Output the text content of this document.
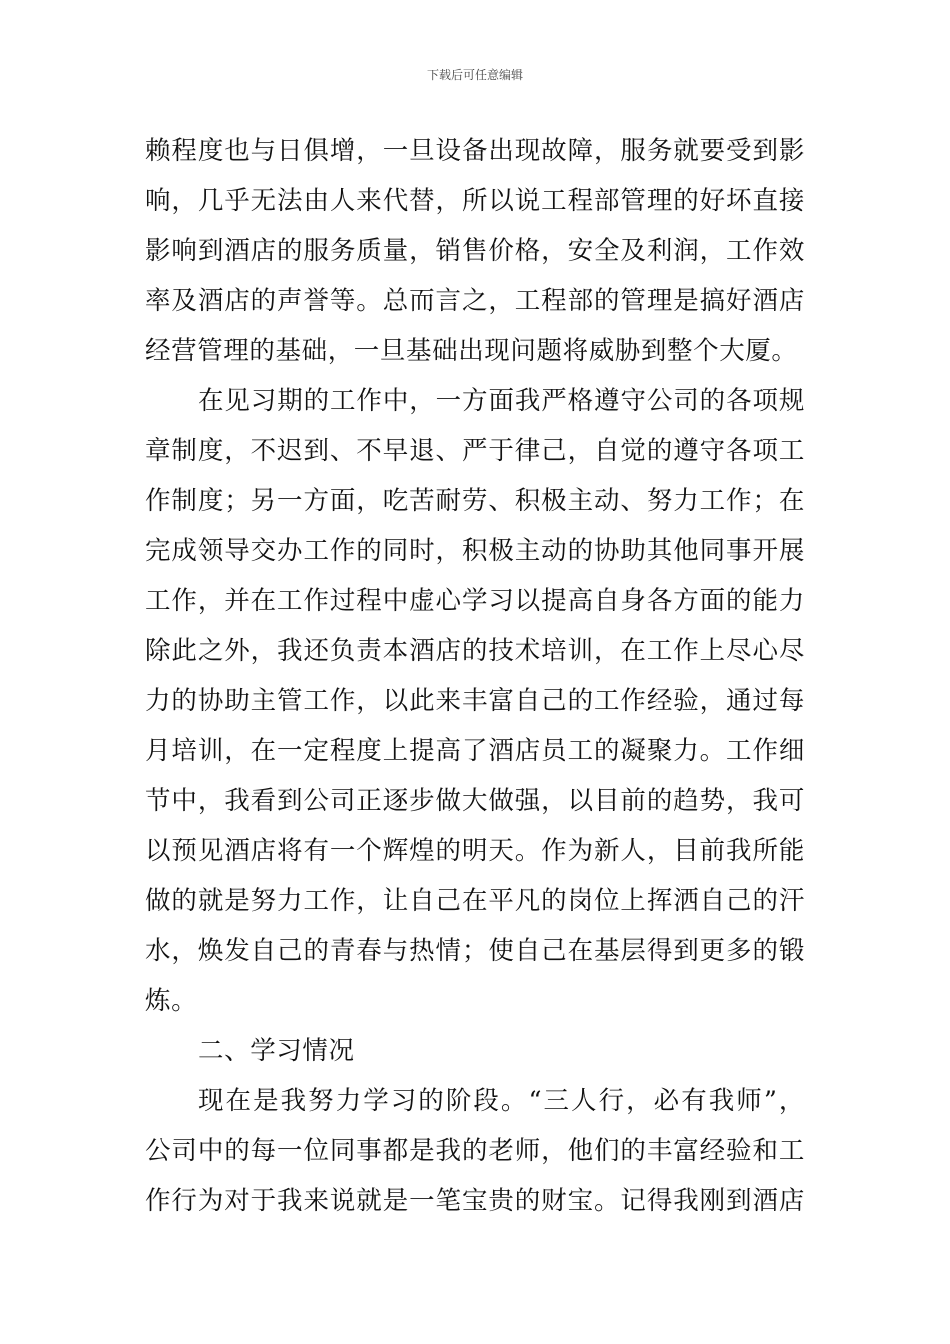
下载后可任意编辑
赖程度也与日俱增，一旦设备出现故障，服务就要受到影
响，几乎无法由人来代替，所以说工程部管理的好坏直接
影响到酒店的服务质量，销售价格，安全及利润，工作效
率及酒店的声誉等。总而言之，工程部的管理是搞好酒店
经营管理的基础，一旦基础出现问题将威胁到整个大厦。
在见习期的工作中，一方面我严格遵守公司的各项规
章制度，不迟到、不早退、严于律己，自觉的遵守各项工
作制度；另一方面，吃苦耐劳、积极主动、努力工作；在
完成领导交办工作的同时，积极主动的协助其他同事开展
工作，并在工作过程中虚心学习以提高自身各方面的能力
除此之外，我还负责本酒店的技术培训，在工作上尽心尽
力的协助主管工作，以此来丰富自己的工作经验，通过每
月培训，在一定程度上提高了酒店员工的凝聚力。工作细
节中，我看到公司正逐步做大做强，以目前的趋势，我可
以预见酒店将有一个辉煌的明天。作为新人，目前我所能
做的就是努力工作，让自己在平凡的岗位上挥洒自己的汗
水，焕发自己的青春与热情；使自己在基层得到更多的锻
炼。
二、学习情况
现在是我努力学习的阶段。“三人行，必有我师”，
公司中的每一位同事都是我的老师，他们的丰富经验和工
作行为对于我来说就是一笔宝贵的财宝。记得我刚到酒店
